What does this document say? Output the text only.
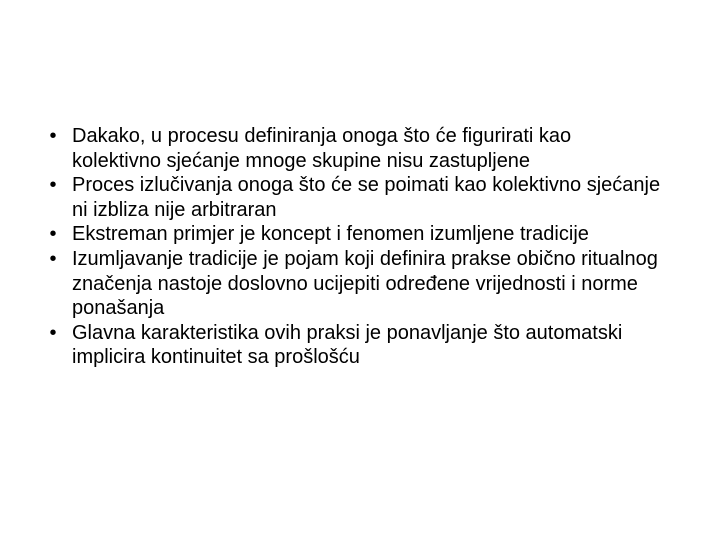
• Dakako, u procesu definiranja onoga što će figurirati kao kolektivno sjećanje mnoge skupine nisu zastupljene
• Proces izlučivanja onoga što će se poimati kao kolektivno sjećanje ni izbliza nije arbitraran
• Ekstreman primjer je koncept i fenomen izumljene tradicije
• Izumljavanje tradicije je pojam koji definira prakse obično ritualnog značenja nastoje doslovno ucijepiti određene vrijednosti i norme ponašanja
• Glavna karakteristika ovih praksi je ponavljanje što automatski implicira kontinuitet sa prošlošću
